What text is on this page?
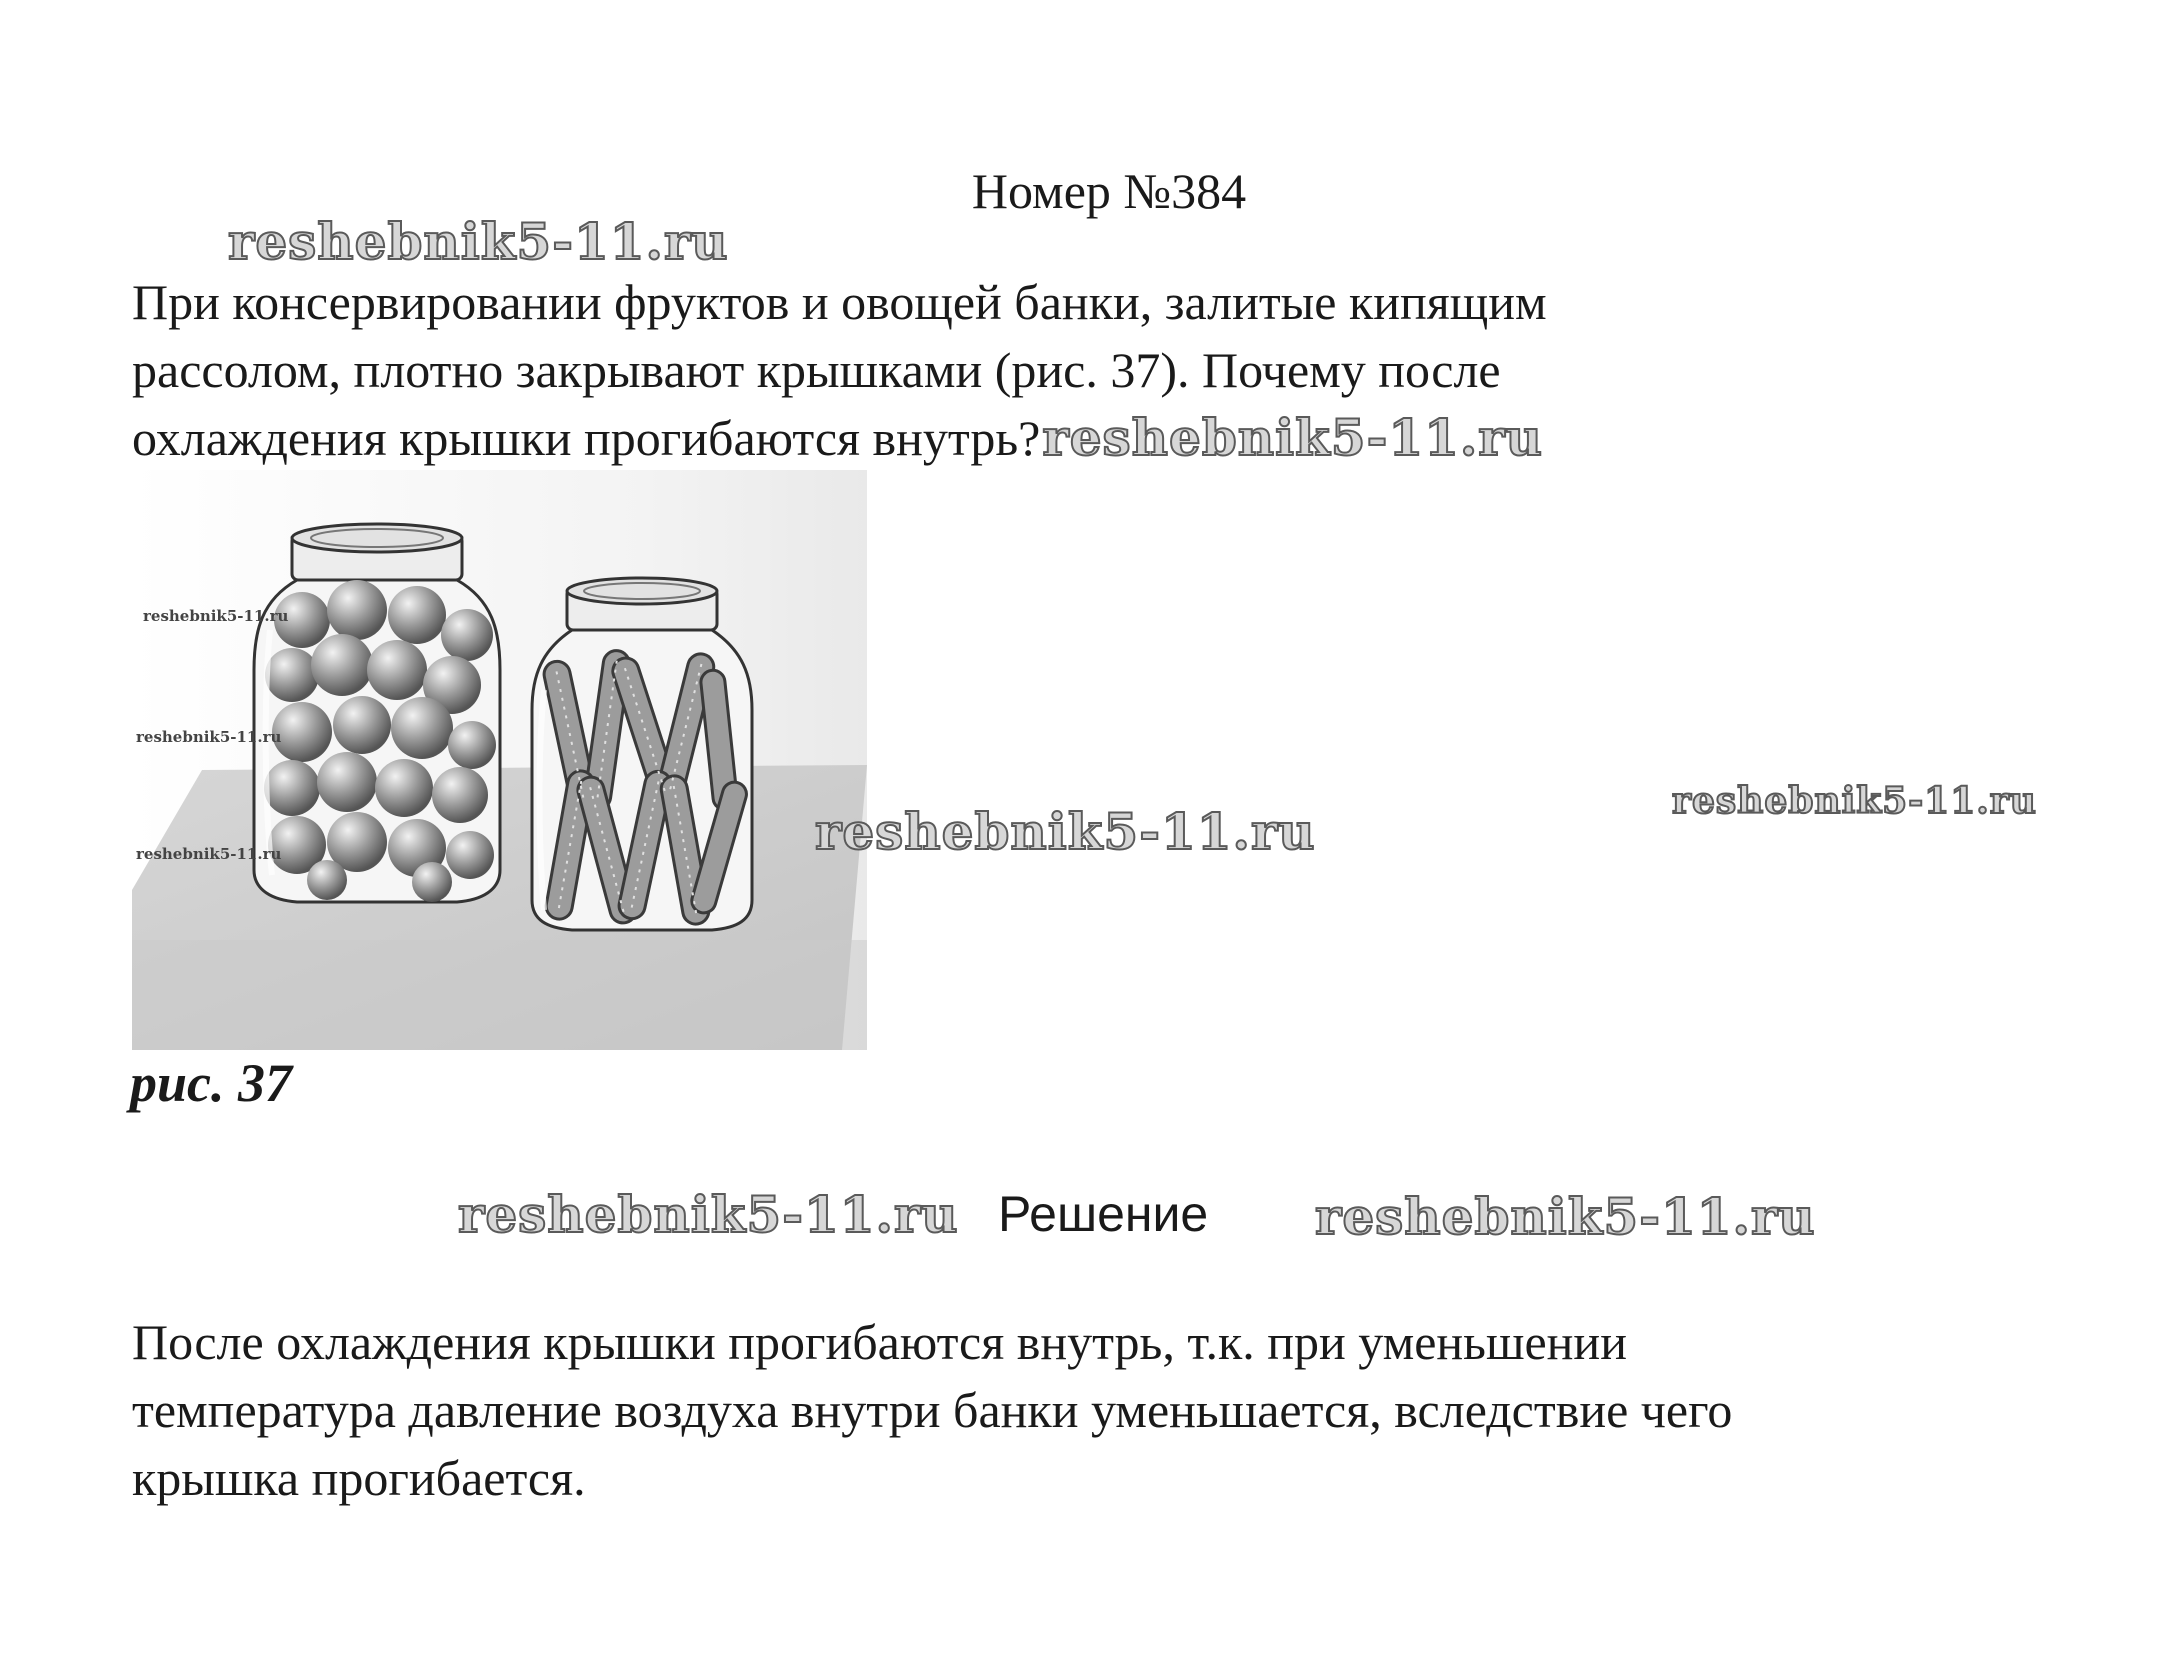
Номер №384
reshebnik5-11.ru
При консервировании фруктов и овощей банки, залитые кипящим
рассолом, плотно закрывают крышками (рис. 37). Почему после
охлаждения крышки прогибаются внутрь?reshebnik5-11.ru
reshebnik5-11.ru
reshebnik5-11.ru
reshebnik5-11.ru	reshebnik5-11.ru
reshebnik5-11.ru
рис. 37
reshebnik5-11.ru Решение reshebnik5-11.ru
После охлаждения крышки прогибаются внутрь, т.к. при уменьшении
температура давление воздуха внутри банки уменьшается, вследствие чего
крышка прогибается.
